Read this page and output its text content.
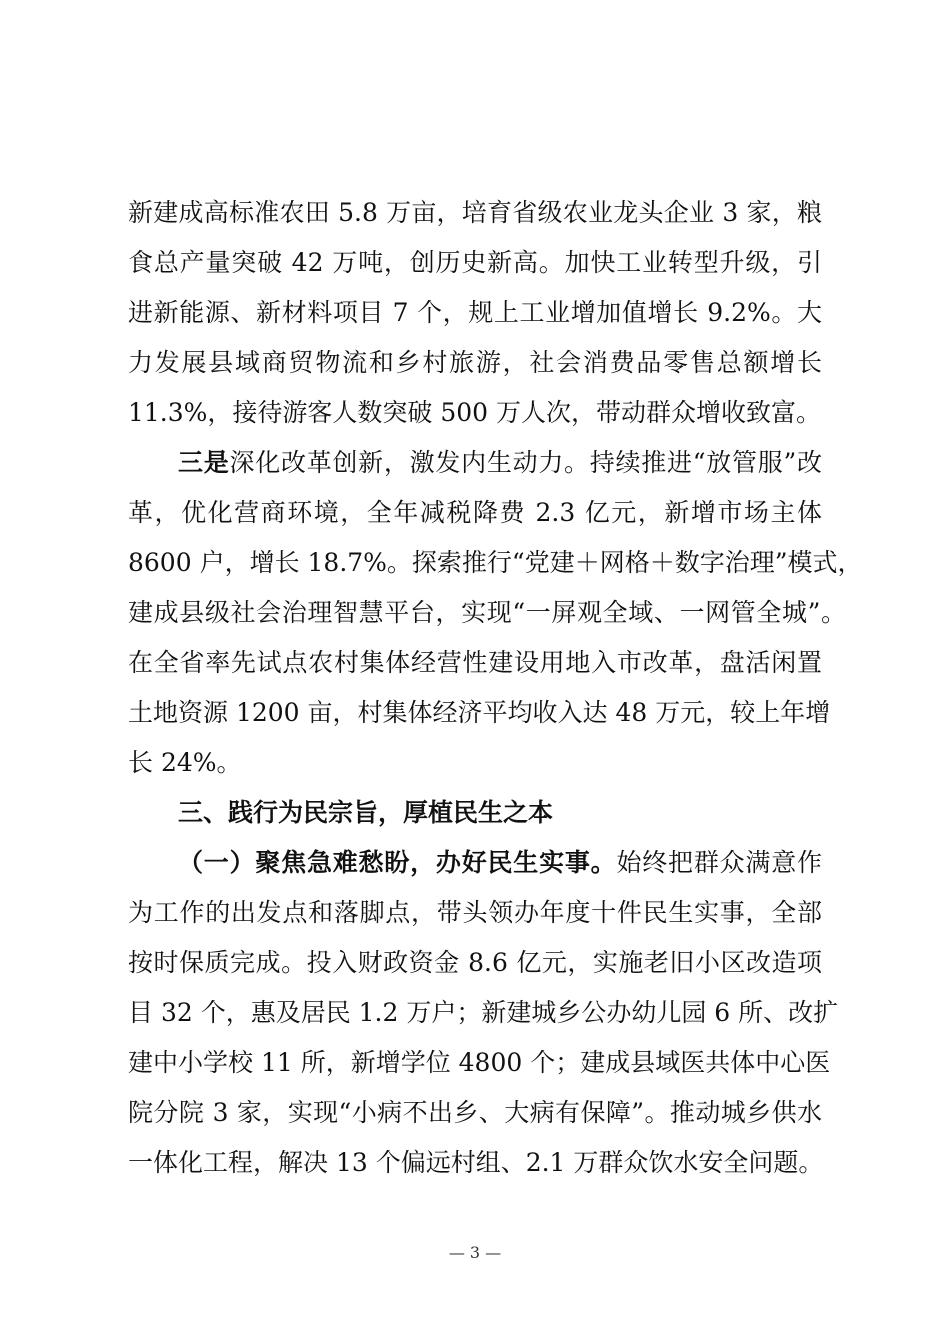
新建成高标准农田 5.8 万亩，培育省级农业龙头企业 3 家，粮
食总产量突破 42 万吨，创历史新高。加快工业转型升级，引
进新能源、新材料项目 7 个，规上工业增加值增长 9.2%。大
力发展县域商贸物流和乡村旅游，社会消费品零售总额增长
11.3%，接待游客人数突破 500 万人次，带动群众增收致富。
三是深化改革创新，激发内生动力。持续推进“放管服”改
革，优化营商环境，全年减税降费 2.3 亿元，新增市场主体
8600 户，增长 18.7%。探索推行“党建＋网格＋数字治理”模式，
建成县级社会治理智慧平台，实现“一屏观全域、一网管全城”。
在全省率先试点农村集体经营性建设用地入市改革，盘活闲置
土地资源 1200 亩，村集体经济平均收入达 48 万元，较上年增
长 24%。
三、践行为民宗旨，厚植民生之本
（一）聚焦急难愁盼，办好民生实事。始终把群众满意作
为工作的出发点和落脚点，带头领办年度十件民生实事，全部
按时保质完成。投入财政资金 8.6 亿元，实施老旧小区改造项
目 32 个，惠及居民 1.2 万户；新建城乡公办幼儿园 6 所、改扩
建中小学校 11 所，新增学位 4800 个；建成县域医共体中心医
院分院 3 家，实现“小病不出乡、大病有保障”。推动城乡供水
一体化工程，解决 13 个偏远村组、2.1 万群众饮水安全问题。
— 3 —
